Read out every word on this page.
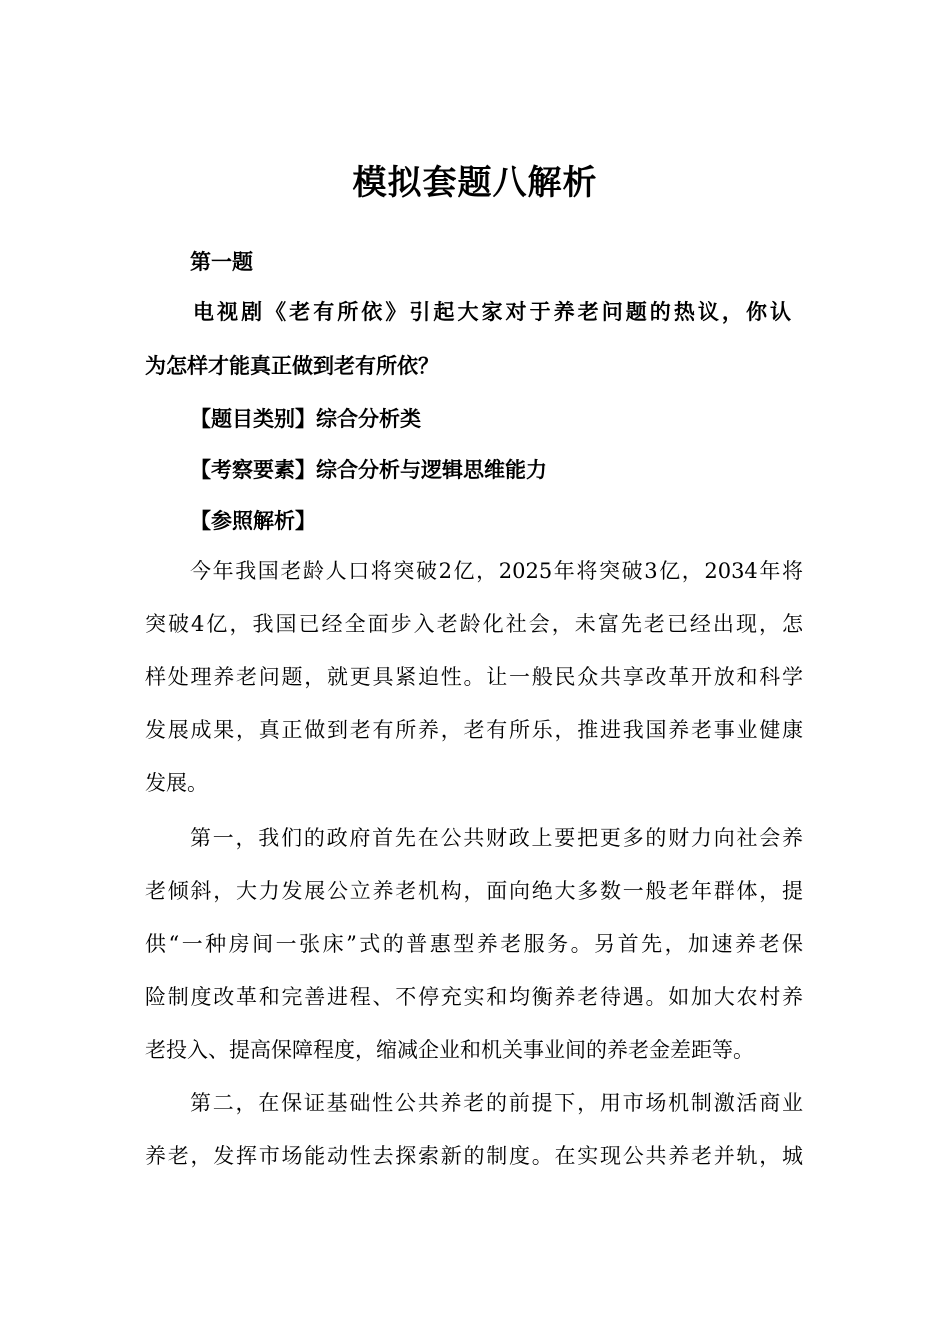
模拟套题八解析
第一题
电视剧《老有所依》引起大家对于养老问题的热议，你认
为怎样才能真正做到老有所依？
【题目类别】综合分析类
【考察要素】综合分析与逻辑思维能力
【参照解析】
今年我国老龄人口将突破2亿，2025年将突破3亿，2034年将
突破4亿，我国已经全面步入老龄化社会，未富先老已经出现，怎
样处理养老问题，就更具紧迫性。让一般民众共享改革开放和科学
发展成果，真正做到老有所养，老有所乐，推进我国养老事业健康
发展。
第一，我们的政府首先在公共财政上要把更多的财力向社会养
老倾斜，大力发展公立养老机构，面向绝大多数一般老年群体，提
供“一种房间一张床”式的普惠型养老服务。另首先，加速养老保
险制度改革和完善进程、不停充实和均衡养老待遇。如加大农村养
老投入、提高保障程度，缩减企业和机关事业间的养老金差距等。
第二，在保证基础性公共养老的前提下，用市场机制激活商业
养老，发挥市场能动性去探索新的制度。在实现公共养老并轨，城
